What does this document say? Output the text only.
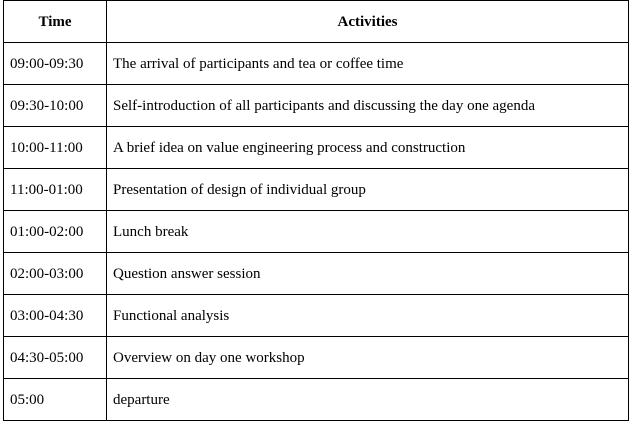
Time	Activities
09:00-09:30	The arrival of participants and tea or coffee time
09:30-10:00	Self-introduction of all participants and discussing the day one agenda
10:00-11:00	A brief idea on value engineering process and construction
11:00-01:00	Presentation of design of individual group
01:00-02:00	Lunch break
02:00-03:00	Question answer session
03:00-04:30	Functional analysis
04:30-05:00	Overview on day one workshop
05:00	departure
